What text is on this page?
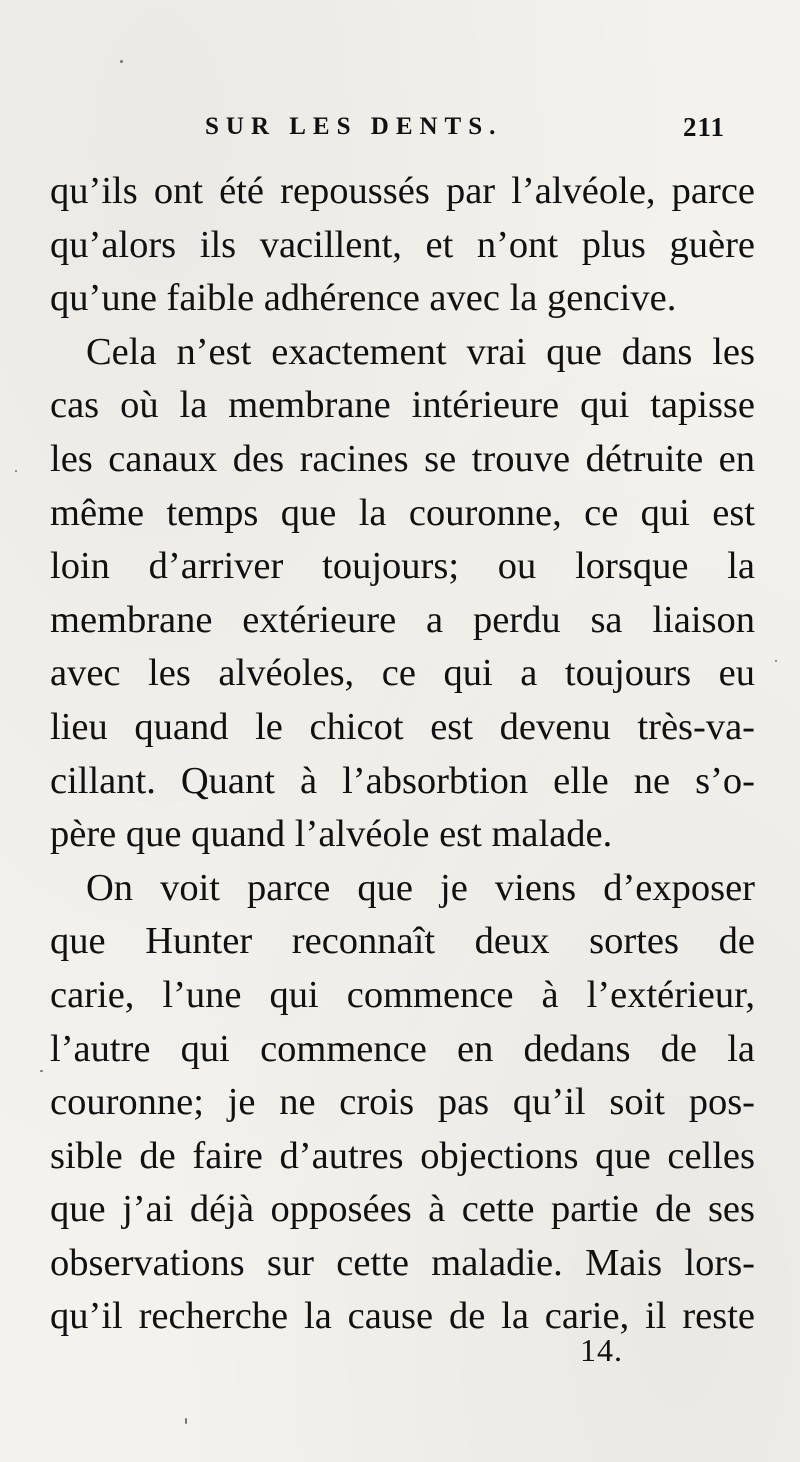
SUR LES DENTS.	211
qu’ils ont été repoussés par l’alvéole, parce
qu’alors ils vacillent, et n’ont plus guère
qu’une faible adhérence avec la gencive.
Cela n’est exactement vrai que dans les
cas où la membrane intérieure qui tapisse
les canaux des racines se trouve détruite en
même temps que la couronne, ce qui est
loin d’arriver toujours; ou lorsque la
membrane extérieure a perdu sa liaison
avec les alvéoles, ce qui a toujours eu
lieu quand le chicot est devenu très-va-
cillant. Quant à l’absorbtion elle ne s’o-
père que quand l’alvéole est malade.
On voit parce que je viens d’exposer
que Hunter reconnaît deux sortes de
carie, l’une qui commence à l’extérieur,
l’autre qui commence en dedans de la
couronne; je ne crois pas qu’il soit pos-
sible de faire d’autres objections que celles
que j’ai déjà opposées à cette partie de ses
observations sur cette maladie. Mais lors-
qu’il recherche la cause de la carie, il reste
14.
